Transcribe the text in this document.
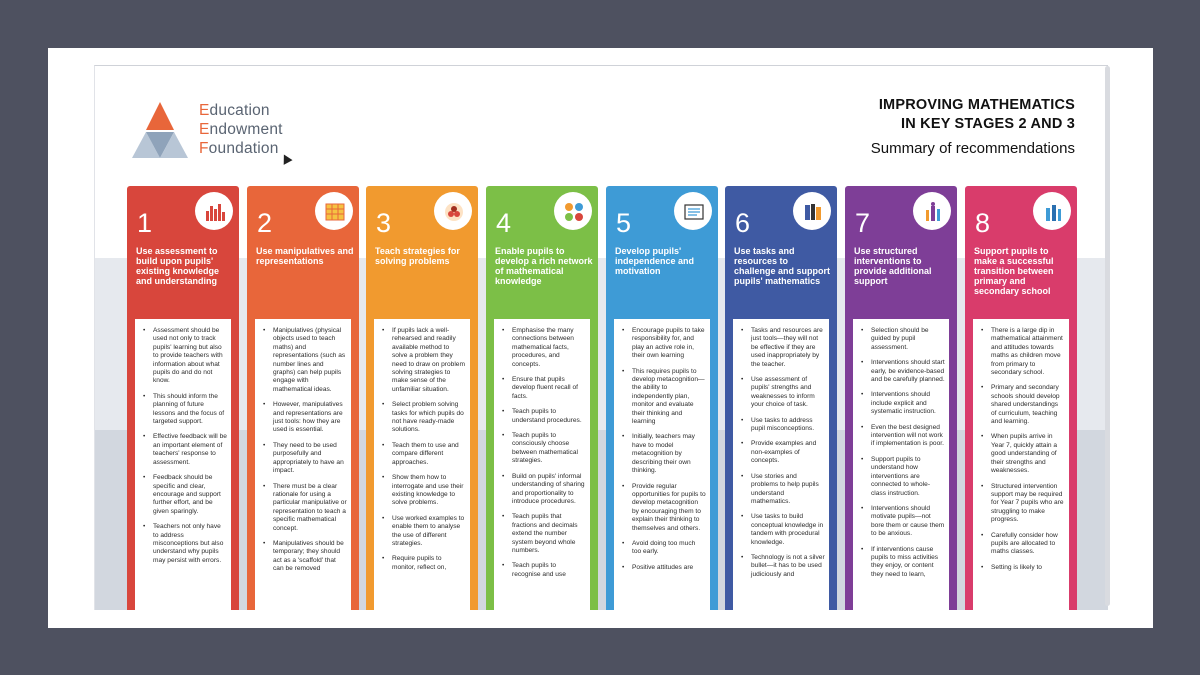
Education
Endowment
Foundation
IMPROVING MATHEMATICS
IN KEY STAGES 2 AND 3
Summary of recommendations
1
Use assessment to build upon pupils' existing knowledge and understanding
• Assessment should be used not only to track pupils' learning but also to provide teachers with information about what pupils do and do not know.
• This should inform the planning of future lessons and the focus of targeted support.
• Effective feedback will be an important element of teachers' response to assessment.
• Feedback should be specific and clear, encourage and support further effort, and be given sparingly.
• Teachers not only have to address misconceptions but also understand why pupils may persist with errors.
2
Use manipulatives and representations
• Manipulatives (physical objects used to teach maths) and representations (such as number lines and graphs) can help pupils engage with mathematical ideas.
• However, manipulatives and representations are just tools: how they are used is essential.
• They need to be used purposefully and appropriately to have an impact.
• There must be a clear rationale for using a particular manipulative or representation to teach a specific mathematical concept.
• Manipulatives should be temporary; they should act as a 'scaffold' that can be removed
3
Teach strategies for solving problems
• If pupils lack a well-rehearsed and readily available method to solve a problem they need to draw on problem solving strategies to make sense of the unfamiliar situation.
• Select problem solving tasks for which pupils do not have ready-made solutions.
• Teach them to use and compare different approaches.
• Show them how to interrogate and use their existing knowledge to solve problems.
• Use worked examples to enable them to analyse the use of different strategies.
• Require pupils to monitor, reflect on,
4
Enable pupils to develop a rich network of mathematical knowledge
• Emphasise the many connections between mathematical facts, procedures, and concepts.
• Ensure that pupils develop fluent recall of facts.
• Teach pupils to understand procedures.
• Teach pupils to consciously choose between mathematical strategies.
• Build on pupils' informal understanding of sharing and proportionality to introduce procedures.
• Teach pupils that fractions and decimals extend the number system beyond whole numbers.
• Teach pupils to recognise and use
5
Develop pupils' independence and motivation
• Encourage pupils to take responsibility for, and play an active role in, their own learning
• This requires pupils to develop metacognition—the ability to independently plan, monitor and evaluate their thinking and learning
• Initially, teachers may have to model metacognition by describing their own thinking.
• Provide regular opportunities for pupils to develop metacognition by encouraging them to explain their thinking to themselves and others.
• Avoid doing too much too early.
• Positive attitudes are
6
Use tasks and resources to challenge and support pupils' mathematics
• Tasks and resources are just tools—they will not be effective if they are used inappropriately by the teacher.
• Use assessment of pupils' strengths and weaknesses to inform your choice of task.
• Use tasks to address pupil misconceptions.
• Provide examples and non-examples of concepts.
• Use stories and problems to help pupils understand mathematics.
• Use tasks to build conceptual knowledge in tandem with procedural knowledge.
• Technology is not a silver bullet—it has to be used judiciously and
7
Use structured interventions to provide additional support
• Selection should be guided by pupil assessment.
• Interventions should start early, be evidence-based and be carefully planned.
• Interventions should include explicit and systematic instruction.
• Even the best designed intervention will not work if implementation is poor.
• Support pupils to understand how interventions are connected to whole-class instruction.
• Interventions should motivate pupils—not bore them or cause them to be anxious.
• If interventions cause pupils to miss activities they enjoy, or content they need to learn,
8
Support pupils to make a successful transition between primary and secondary school
• There is a large dip in mathematical attainment and attitudes towards maths as children move from primary to secondary school.
• Primary and secondary schools should develop shared understandings of curriculum, teaching and learning.
• When pupils arrive in Year 7, quickly attain a good understanding of their strengths and weaknesses.
• Structured intervention support may be required for Year 7 pupils who are struggling to make progress.
• Carefully consider how pupils are allocated to maths classes.
• Setting is likely to
